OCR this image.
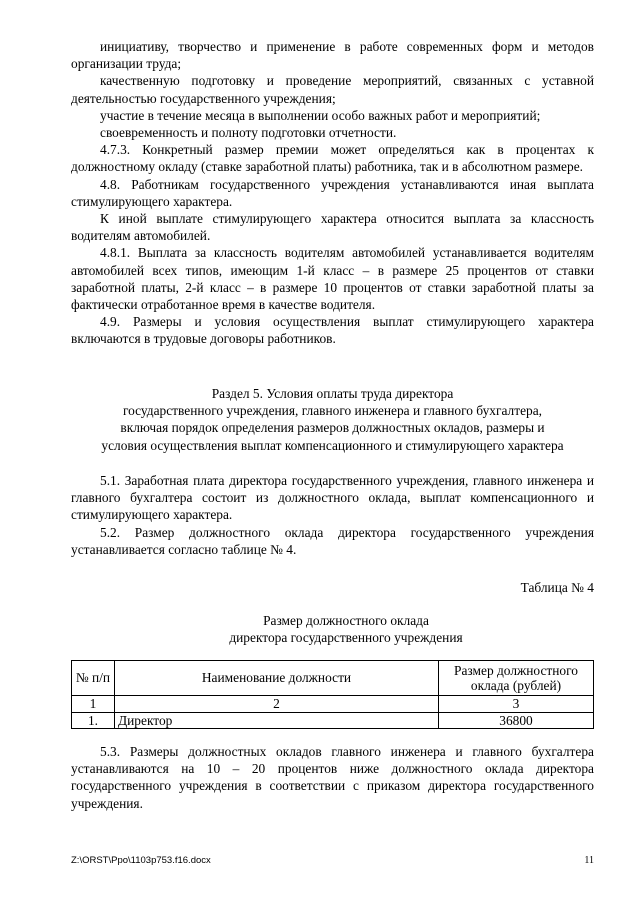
инициативу, творчество и применение в работе современных форм и методов организации труда;

качественную подготовку и проведение мероприятий, связанных с уставной деятельностью государственного учреждения;

участие в течение месяца в выполнении особо важных работ и мероприятий;

своевременность и полноту подготовки отчетности.

4.7.3. Конкретный размер премии может определяться как в процентах к должностному окладу (ставке заработной платы) работника, так и в абсолютном размере.

4.8. Работникам государственного учреждения устанавливаются иная выплата стимулирующего характера.

К иной выплате стимулирующего характера относится выплата за классность водителям автомобилей.

4.8.1. Выплата за классность водителям автомобилей устанавливается водителям автомобилей всех типов, имеющим 1-й класс – в размере 25 процентов от ставки заработной платы, 2-й класс – в размере 10 процентов от ставки заработной платы за фактически отработанное время в качестве водителя.

4.9. Размеры и условия осуществления выплат стимулирующего характера включаются в трудовые договоры работников.

Раздел 5. Условия оплаты труда директора

государственного учреждения, главного инженера и главного бухгалтера,

включая порядок определения размеров должностных окладов, размеры и

условия осуществления выплат компенсационного и стимулирующего характера

5.1. Заработная плата директора государственного учреждения, главного инженера и главного бухгалтера состоит из должностного оклада, выплат компенсационного и стимулирующего характера.

5.2. Размер должностного оклада директора государственного учреждения устанавливается согласно таблице № 4.

Таблица № 4
Размер должностного оклада
директора государственного учреждения
№ п/п	Наименование должности	Размер должностного оклада (рублей)
1	2	3
1.	Директор	36800

5.3. Размеры должностных окладов главного инженера и главного бухгалтера устанавливаются на 10 – 20 процентов ниже должностного оклада директора государственного учреждения в соответствии с приказом директора государственного учреждения.

Z:\ORST\Ppo\1103p753.f16.docx	11
